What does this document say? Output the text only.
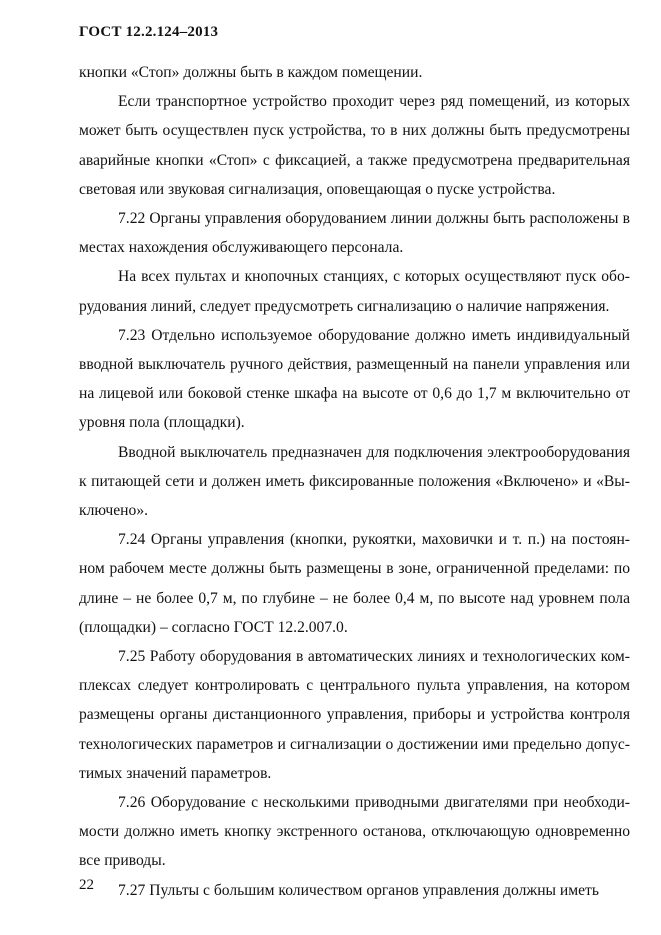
ГОСТ 12.2.124–2013

кнопки «Стоп» должны быть в каждом помещении.

Если транспортное устройство проходит через ряд помещений, из которых может быть осуществлен пуск устройства, то в них должны быть предусмотрены аварийные кнопки «Стоп» с фиксацией, а также предусмотрена предварительная световая или звуковая сигнализация, оповещающая о пуске устройства.

7.22 Органы управления оборудованием линии должны быть расположены в местах нахождения обслуживающего персонала.

На всех пультах и кнопочных станциях, с которых осуществляют пуск оборудования линий, следует предусмотреть сигнализацию о наличие напряжения.

7.23 Отдельно используемое оборудование должно иметь индивидуальный вводной выключатель ручного действия, размещенный на панели управления или на лицевой или боковой стенке шкафа на высоте от 0,6 до 1,7 м включительно от уровня пола (площадки).

Вводной выключатель предназначен для подключения электрооборудования к питающей сети и должен иметь фиксированные положения «Включено» и «Выключено».

7.24 Органы управления (кнопки, рукоятки, маховички и т. п.) на постоянном рабочем месте должны быть размещены в зоне, ограниченной пределами: по длине – не более 0,7 м, по глубине – не более 0,4 м, по высоте над уровнем пола (площадки) – согласно ГОСТ 12.2.007.0.

7.25 Работу оборудования в автоматических линиях и технологических комплексах следует контролировать с центрального пульта управления, на котором размещены органы дистанционного управления, приборы и устройства контроля технологических параметров и сигнализации о достижении ими предельно допустимых значений параметров.

7.26 Оборудование с несколькими приводными двигателями при необходимости должно иметь кнопку экстренного останова, отключающую одновременно все приводы.

7.27 Пульты с большим количеством органов управления должны иметь

22
